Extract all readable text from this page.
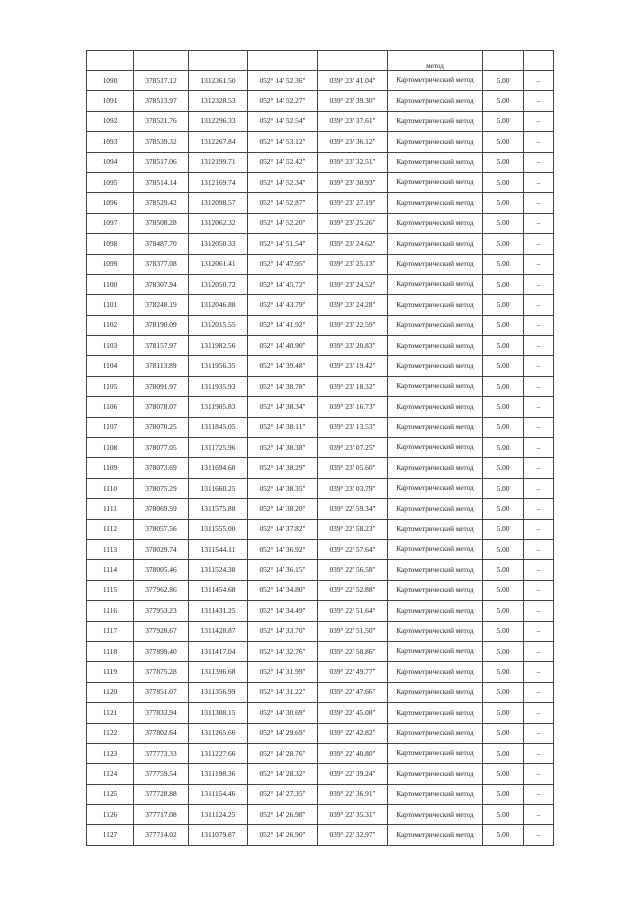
					метод		
1090	378517.12	1312361.50	052° 14' 52.36"	039° 23' 41.04"	Картометрический метод	5.00	–
1091	378513.97	1312328.53	052° 14' 52.27"	039° 23' 39.30"	Картометрический метод	5.00	–
1092	378521.76	1312296.33	052° 14' 52.54"	039° 23' 37.61"	Картометрический метод	5.00	–
1093	378539.32	1312267.84	052° 14' 53.12"	039° 23' 36.12"	Картометрический метод	5.00	–
1094	378517.06	1312199.71	052° 14' 52.42"	039° 23' 32.51"	Картометрический метод	5.00	–
1095	378514.14	1312169.74	052° 14' 52.34"	039° 23' 30.93"	Картометрический метод	5.00	–
1096	378529.42	1312098.57	052° 14' 52.87"	039° 23' 27.19"	Картометрический метод	5.00	–
1097	378508.28	1312062.32	052° 14' 52.20"	039° 23' 25.26"	Картометрический метод	5.00	–
1098	378487.70	1312050.33	052° 14' 51.54"	039° 23' 24.62"	Картометрический метод	5.00	–
1099	378377.08	1312061.41	052° 14' 47.95"	039° 23' 25.13"	Картометрический метод	5.00	–
1100	378307.94	1312050.72	052° 14' 45.72"	039° 23' 24.52"	Картометрический метод	5.00	–
1101	378248.19	1312046.88	052° 14' 43.79"	039° 23' 24.28"	Картометрический метод	5.00	–
1102	378190.09	1312015.55	052° 14' 41.92"	039° 23' 22.59"	Картометрический метод	5.00	–
1103	378157.97	1311982.56	052° 14' 40.90"	039° 23' 20.83"	Картометрический метод	5.00	–
1104	378113.89	1311956.35	052° 14' 39.48"	039° 23' 19.42"	Картометрический метод	5.00	–
1105	378091.97	1311935.93	052° 14' 38.78"	039° 23' 18.32"	Картометрический метод	5.00	–
1106	378078.07	1311905.83	052° 14' 38.34"	039° 23' 16.73"	Картометрический метод	5.00	–
1107	378070.25	1311845.05	052° 14' 38.11"	039° 23' 13.53"	Картометрический метод	5.00	–
1108	378077.05	1311725.96	052° 14' 38.38"	039° 23' 07.25"	Картометрический метод	5.00	–
1109	378073.69	1311694.60	052° 14' 38.29"	039° 23' 05.60"	Картометрический метод	5.00	–
1110	378075.29	1311660.25	052° 14' 38.35"	039° 23' 03.79"	Картометрический метод	5.00	–
1111	378069.59	1311575.88	052° 14' 38.20"	039° 22' 59.34"	Картометрический метод	5.00	–
1112	378057.56	1311555.00	052° 14' 37.82"	039° 22' 58.23"	Картометрический метод	5.00	–
1113	378029.74	1311544.11	052° 14' 36.92"	039° 22' 57.64"	Картометрический метод	5.00	–
1114	378005.46	1311524.38	052° 14' 36.15"	039° 22' 56.58"	Картометрический метод	5.00	–
1115	377962.86	1311454.68	052° 14' 34.80"	039° 22' 52.88"	Картометрический метод	5.00	–
1116	377953.23	1311431.25	052° 14' 34.49"	039° 22' 51.64"	Картометрический метод	5.00	–
1117	377928.67	1311428.87	052° 14' 33.70"	039° 22' 51.50"	Картометрический метод	5.00	–
1118	377899.40	1311417.04	052° 14' 32.76"	039° 22' 50.86"	Картометрический метод	5.00	–
1119	377875.28	1311396.68	052° 14' 31.99"	039° 22' 49.77"	Картометрический метод	5.00	–
1120	377851.07	1311356.99	052° 14' 31.22"	039° 22' 47.66"	Картометрический метод	5.00	–
1121	377833.94	1311308.15	052° 14' 30.69"	039° 22' 45.08"	Картометрический метод	5.00	–
1122	377802.64	1311265.66	052° 14' 29.69"	039° 22' 42.82"	Картометрический метод	5.00	–
1123	377773.33	1311227.66	052° 14' 28.76"	039° 22' 40.80"	Картометрический метод	5.00	–
1124	377759.54	1311198.36	052° 14' 28.32"	039° 22' 39.24"	Картометрический метод	5.00	–
1125	377728.88	1311154.46	052° 14' 27.35"	039° 22' 36.91"	Картометрический метод	5.00	–
1126	377717.08	1311124.25	052° 14' 26.98"	039° 22' 35.31"	Картометрический метод	5.00	–
1127	377714.02	1311079.87	052° 14' 26.90"	039° 22' 32.97"	Картометрический метод	5.00	–
